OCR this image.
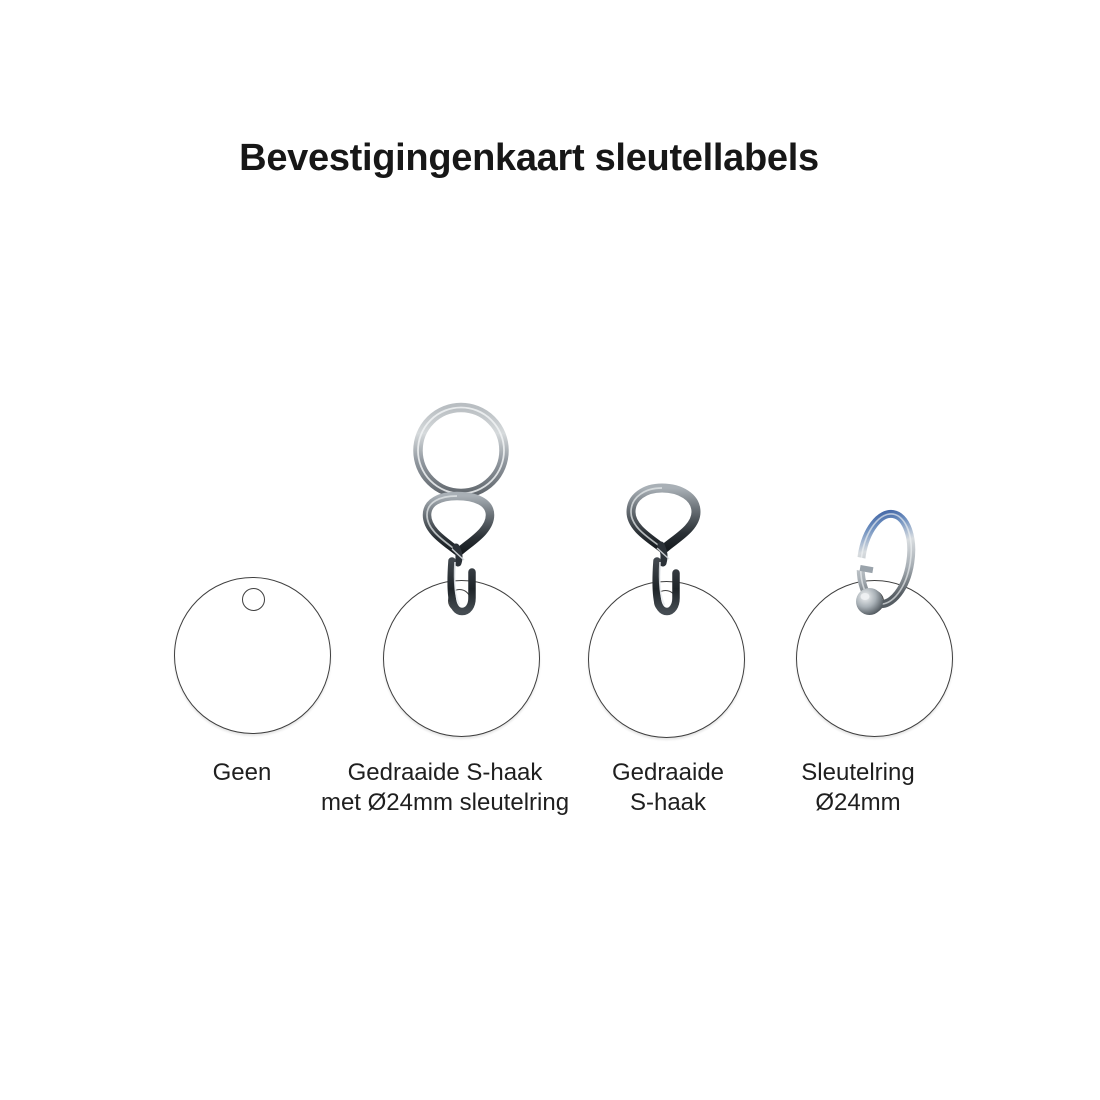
Bevestigingenkaart sleutellabels
Geen	Gedraaide S-haak
met Ø24mm sleutelring
Gedraaide
S-haak
Sleutelring
Ø24mm
